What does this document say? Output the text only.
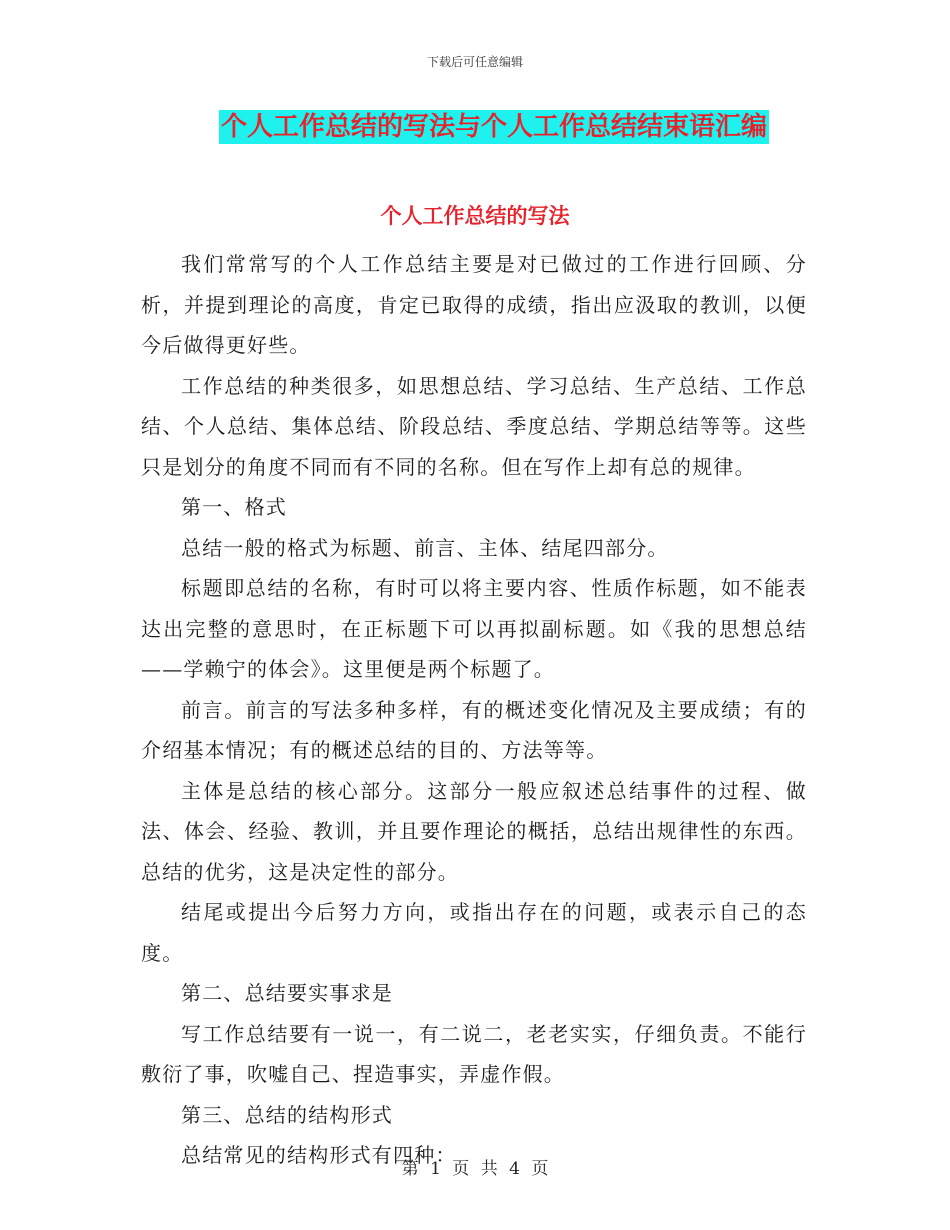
下载后可任意编辑
个人工作总结的写法与个人工作总结结束语汇编
个人工作总结的写法

我们常常写的个人工作总结主要是对已做过的工作进行回顾、分析，并提到理论的高度，肯定已取得的成绩，指出应汲取的教训，以便今后做得更好些。

工作总结的种类很多，如思想总结、学习总结、生产总结、工作总结、个人总结、集体总结、阶段总结、季度总结、学期总结等等。这些只是划分的角度不同而有不同的名称。但在写作上却有总的规律。

第一、格式

总结一般的格式为标题、前言、主体、结尾四部分。

标题即总结的名称，有时可以将主要内容、性质作标题，如不能表达出完整的意思时，在正标题下可以再拟副标题。如《我的思想总结——学赖宁的体会》。这里便是两个标题了。

前言。前言的写法多种多样，有的概述变化情况及主要成绩；有的介绍基本情况；有的概述总结的目的、方法等等。

主体是总结的核心部分。这部分一般应叙述总结事件的过程、做法、体会、经验、教训，并且要作理论的概括，总结出规律性的东西。总结的优劣，这是决定性的部分。

结尾或提出今后努力方向，或指出存在的问题，或表示自己的态度。

第二、总结要实事求是

写工作总结要有一说一，有二说二，老老实实，仔细负责。不能行敷衍了事，吹嘘自己、捏造事实，弄虚作假。

第三、总结的结构形式

总结常见的结构形式有四种：

第 1 页 共 4 页
